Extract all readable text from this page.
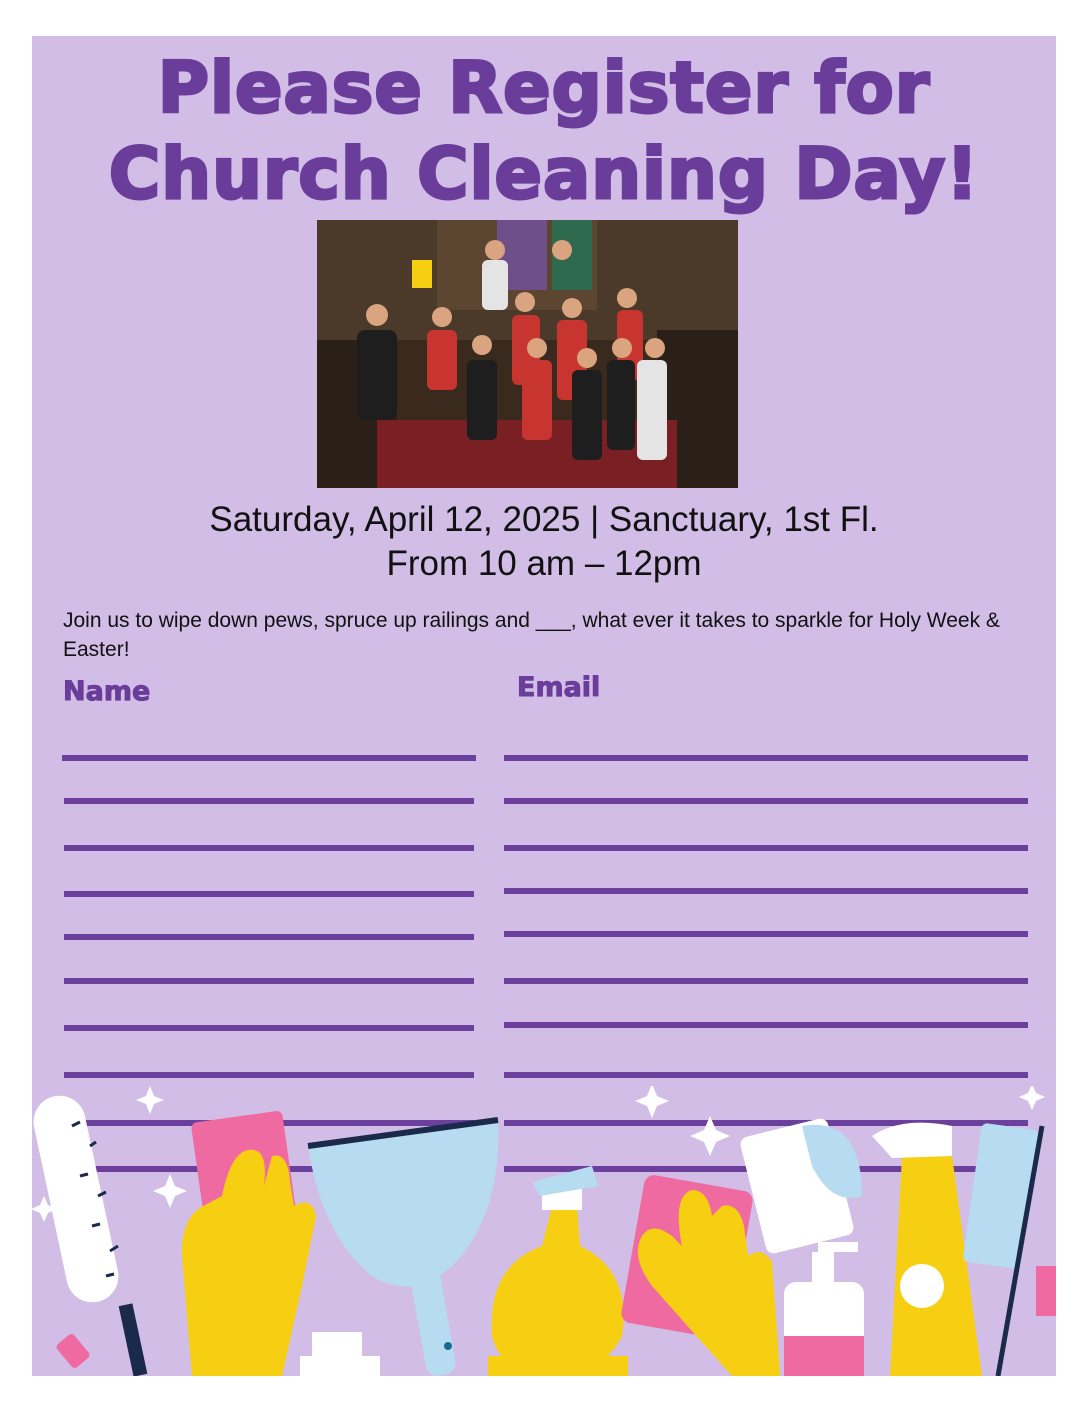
Please Register for
Church Cleaning Day!
Saturday, April 12, 2025 | Sanctuary, 1st Fl.
From 10 am – 12pm
Join us to wipe down pews, spruce up railings and ___, what ever it takes to sparkle for Holy Week & Easter!
Name	Email
